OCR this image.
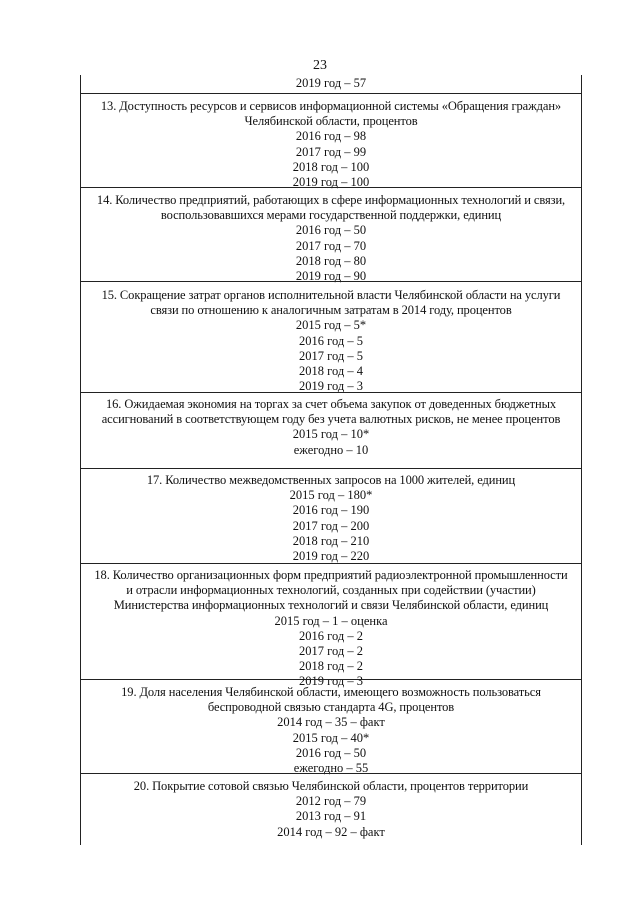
23
2019 год – 57
13. Доступность ресурсов и сервисов информационной системы «Обращения граждан»
Челябинской области, процентов
2016 год – 98
2017 год – 99
2018 год – 100
2019 год – 100
14. Количество предприятий, работающих в сфере информационных технологий и связи,
воспользовавшихся мерами государственной поддержки, единиц
2016 год – 50
2017 год – 70
2018 год – 80
2019 год – 90
15. Сокращение затрат органов исполнительной власти Челябинской области на услуги
связи по отношению к аналогичным затратам в 2014 году, процентов
2015 год – 5*
2016 год – 5
2017 год – 5
2018 год – 4
2019 год – 3
16. Ожидаемая экономия на торгах за счет объема закупок от доведенных бюджетных
ассигнований в соответствующем году без учета валютных рисков, не менее процентов
2015 год – 10*
ежегодно – 10
17. Количество межведомственных запросов на 1000 жителей, единиц
2015 год – 180*
2016 год – 190
2017 год – 200
2018 год – 210
2019 год – 220
18. Количество организационных форм предприятий радиоэлектронной промышленности
и отрасли информационных технологий, созданных при содействии (участии)
Министерства информационных технологий и связи Челябинской области, единиц
2015 год – 1 – оценка
2016 год – 2
2017 год – 2
2018 год – 2
2019 год – 3
19. Доля населения Челябинской области, имеющего возможность пользоваться
беспроводной связью стандарта 4G, процентов
2014 год – 35 – факт
2015 год – 40*
2016 год – 50
ежегодно – 55
20. Покрытие сотовой связью Челябинской области, процентов территории
2012 год – 79
2013 год – 91
2014 год – 92 – факт
